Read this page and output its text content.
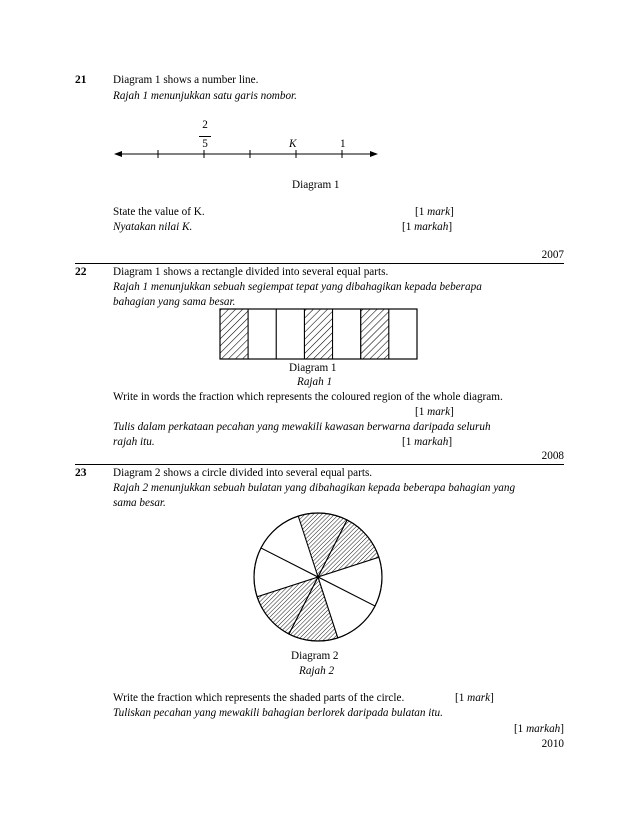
21 Diagram 1 shows a number line.
Rajah 1 menunjukkan satu garis nombor.
2
5	K	1
Diagram 1
State the value of K.	[1 mark]
Nyatakan nilai K.	[1 markah]
2007
22 Diagram 1 shows a rectangle divided into several equal parts.
Rajah 1 menunjukkan sebuah segiempat tepat yang dibahagikan kepada beberapa
bahagian yang sama besar.
Diagram 1
Rajah 1
Write in words the fraction which represents the coloured region of the whole diagram.
[1 mark]
Tulis dalam perkataan pecahan yang mewakili kawasan berwarna daripada seluruh
rajah itu.	[1 markah]
2008
23 Diagram 2 shows a circle divided into several equal parts.
Rajah 2 menunjukkan sebuah bulatan yang dibahagikan kepada beberapa bahagian yang
sama besar.
Diagram 2
Rajah 2
Write the fraction which represents the shaded parts of the circle.	[1 mark]
Tuliskan pecahan yang mewakili bahagian berlorek daripada bulatan itu.
[1 markah]
2010
